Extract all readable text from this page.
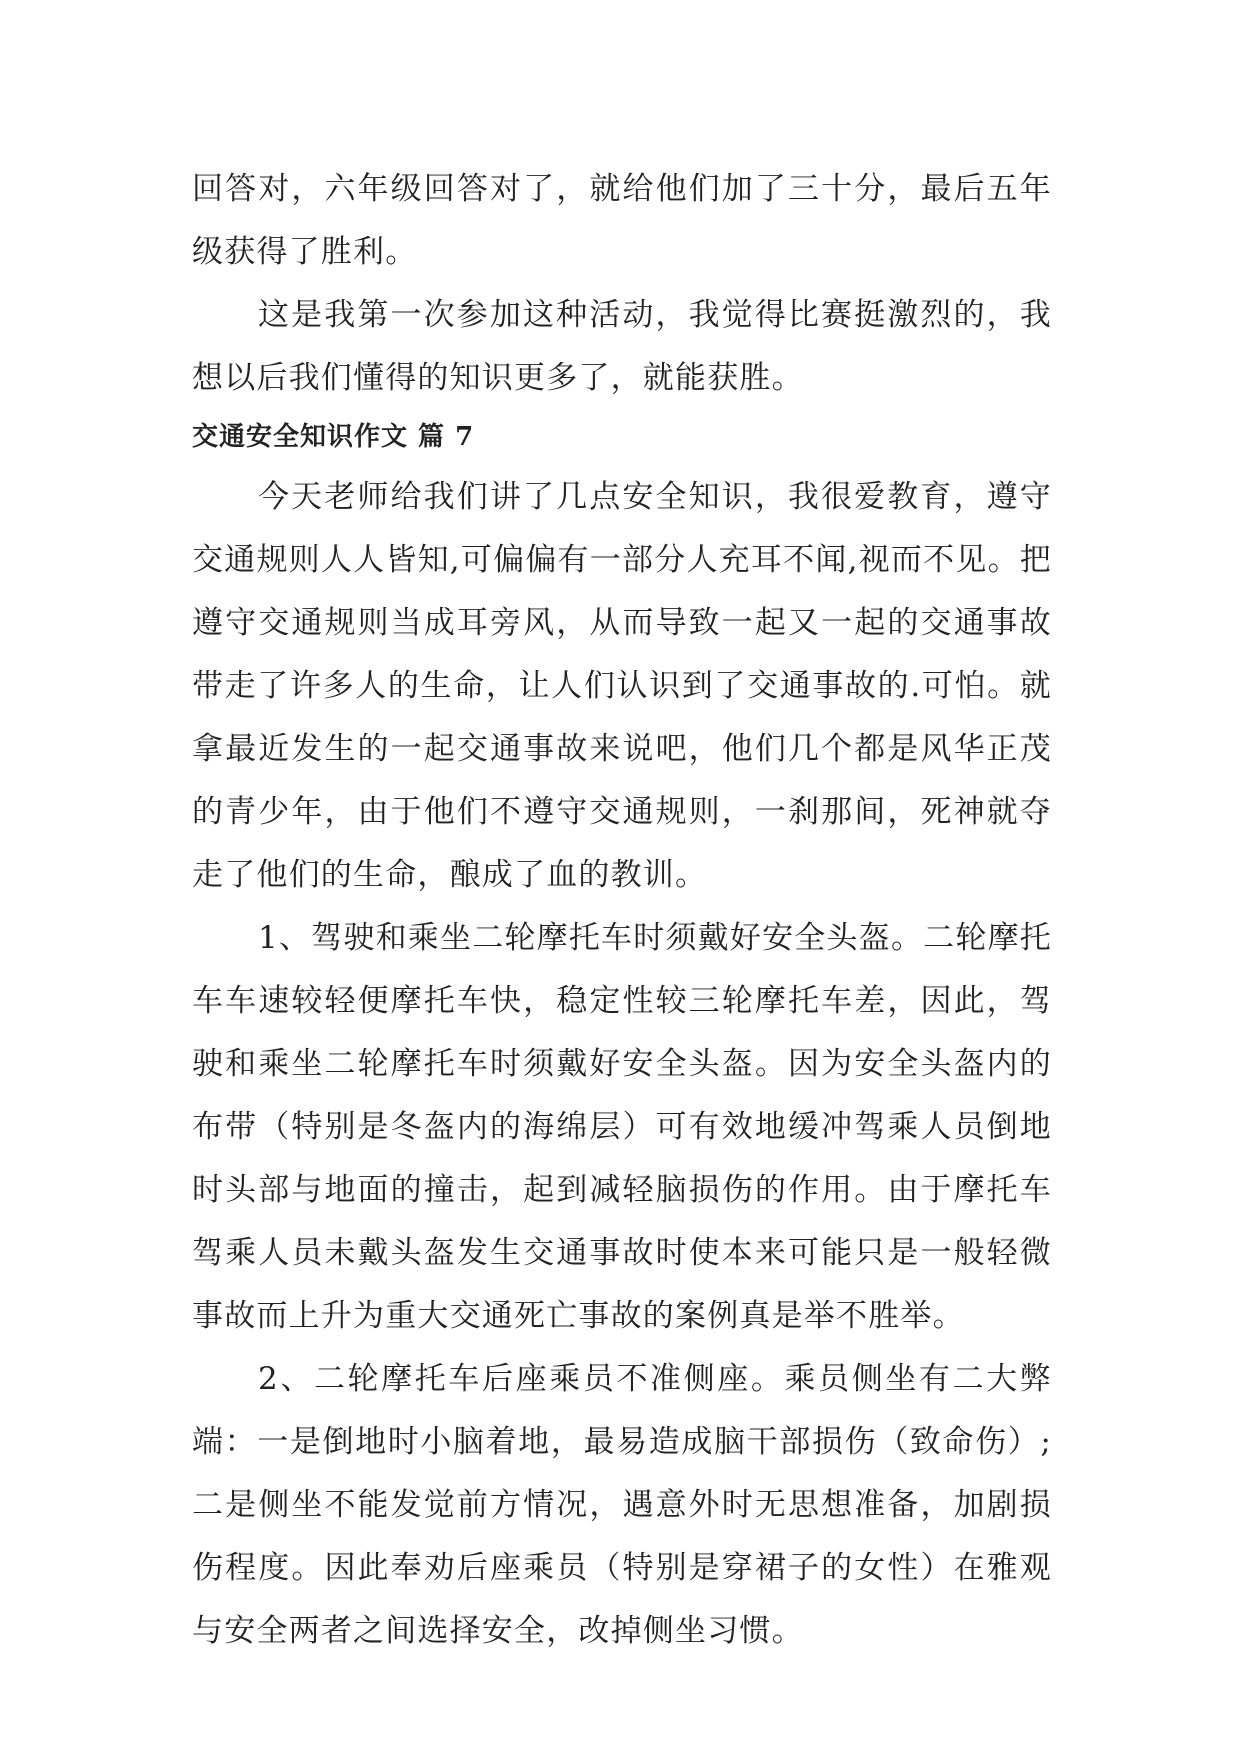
回答对，六年级回答对了，就给他们加了三十分，最后五年级获得了胜利。

这是我第一次参加这种活动，我觉得比赛挺激烈的，我想以后我们懂得的知识更多了，就能获胜。

交通安全知识作文 篇 7

今天老师给我们讲了几点安全知识，我很爱教育，遵守交通规则人人皆知,可偏偏有一部分人充耳不闻,视而不见。把遵守交通规则当成耳旁风，从而导致一起又一起的交通事故带走了许多人的生命，让人们认识到了交通事故的.可怕。就拿最近发生的一起交通事故来说吧，他们几个都是风华正茂的青少年，由于他们不遵守交通规则，一刹那间，死神就夺走了他们的生命，酿成了血的教训。

1、驾驶和乘坐二轮摩托车时须戴好安全头盔。二轮摩托车车速较轻便摩托车快，稳定性较三轮摩托车差，因此，驾驶和乘坐二轮摩托车时须戴好安全头盔。因为安全头盔内的布带（特别是冬盔内的海绵层）可有效地缓冲驾乘人员倒地时头部与地面的撞击，起到减轻脑损伤的作用。由于摩托车驾乘人员未戴头盔发生交通事故时使本来可能只是一般轻微事故而上升为重大交通死亡事故的案例真是举不胜举。

2、二轮摩托车后座乘员不准侧座。乘员侧坐有二大弊端：一是倒地时小脑着地，最易造成脑干部损伤（致命伤）;二是侧坐不能发觉前方情况，遇意外时无思想准备，加剧损伤程度。因此奉劝后座乘员（特别是穿裙子的女性）在雅观与安全两者之间选择安全，改掉侧坐习惯。
